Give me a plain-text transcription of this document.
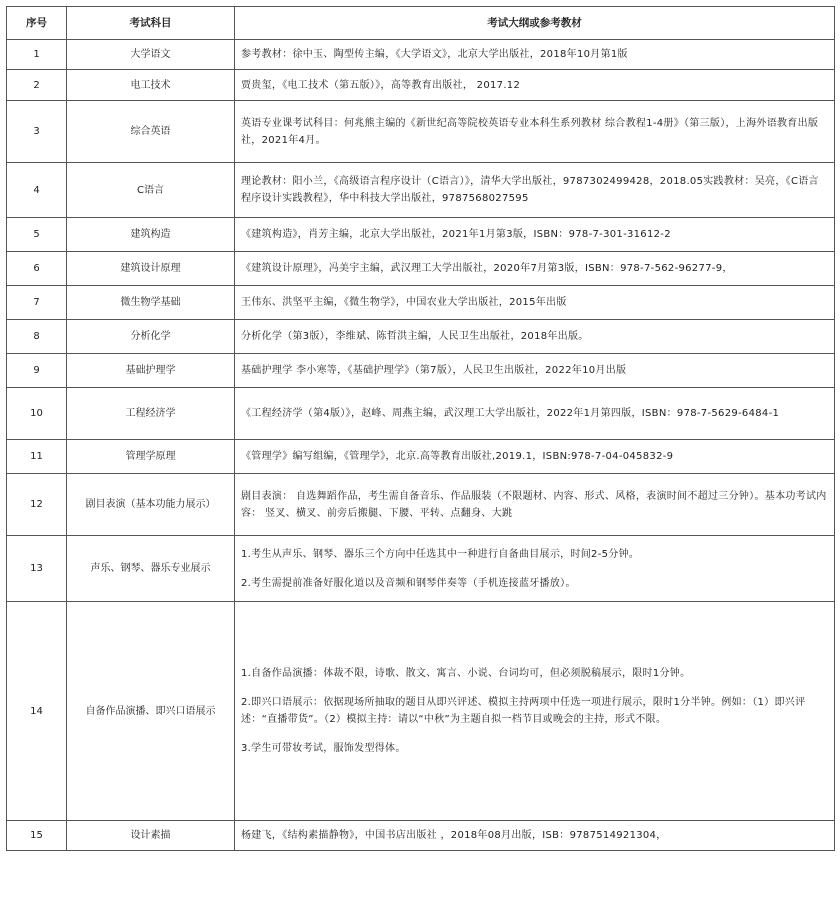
序号	考试科目	考试大纲或参考教材
1	大学语文	参考教材：徐中玉、陶型传主编，《大学语文》，北京大学出版社，2018年10月第1版

2	电工技术	贾贵玺，《电工技术（第五版）》，高等教育出版社， 2017.12

3	综合英语	英语专业课考试科目：何兆熊主编的《新世纪高等院校英语专业本科生系列教材 综合教程1-4册》（第三版），上海外语教育出版社，2021年4月。

4	C语言	理论教材：阳小兰，《高级语言程序设计（C语言）》，清华大学出版社，9787302499428，2018.05实践教材：吴亮，《C语言程序设计实践教程》，华中科技大学出版社，9787568027595

5	建筑构造	《建筑构造》，肖芳主编，北京大学出版社，2021年1月第3版，ISBN：978-7-301-31612-2

6	建筑设计原理	《建筑设计原理》，冯美宇主编，武汉理工大学出版社，2020年7月第3版，ISBN：978-7-562-96277-9，

7	微生物学基础	王伟东、洪坚平主编，《微生物学》，中国农业大学出版社，2015年出版

8	分析化学	分析化学（第3版），李维斌、陈哲洪主编，人民卫生出版社，2018年出版。

9	基础护理学	基础护理学 李小寒等，《基础护理学》（第7版），人民卫生出版社，2022年10月出版

10	工程经济学	《工程经济学（第4版）》，赵峰、周燕主编，武汉理工大学出版社，2022年1月第四版，ISBN：978-7-5629-6484-1

11	管理学原理	《管理学》编写组编，《管理学》，北京.高等教育出版社,2019.1，ISBN:978-7-04-045832-9

12	剧目表演（基本功能力展示）	剧目表演： 自选舞蹈作品，考生需自备音乐、作品服装（不限题材、内容、形式、风格，表演时间不超过三分钟）。基本功考试内容： 竖叉、横叉、前旁后搬腿、下腰、平转、点翻身、大跳

13	声乐、钢琴、器乐专业展示	1.考生从声乐、钢琴、器乐三个方向中任选其中一种进行自备曲目展示，时间2-5分钟。

2.考生需提前准备好服化道以及音频和钢琴伴奏等（手机连接蓝牙播放）。

14	自备作品演播、即兴口语展示	1.自备作品演播：体裁不限，诗歌、散文、寓言、小说、台词均可，但必须脱稿展示，限时1分钟。

2.即兴口语展示：依据现场所抽取的题目从即兴评述、模拟主持两项中任选一项进行展示，限时1分半钟。例如：（1）即兴评述：“直播带货”。（2）模拟主持：请以“中秋”为主题自拟一档节目或晚会的主持，形式不限。

3.学生可带妆考试，服饰发型得体。

15	设计素描	杨建飞，《结构素描静物》，中国书店出版社 ，2018年08月出版，ISB：9787514921304，
